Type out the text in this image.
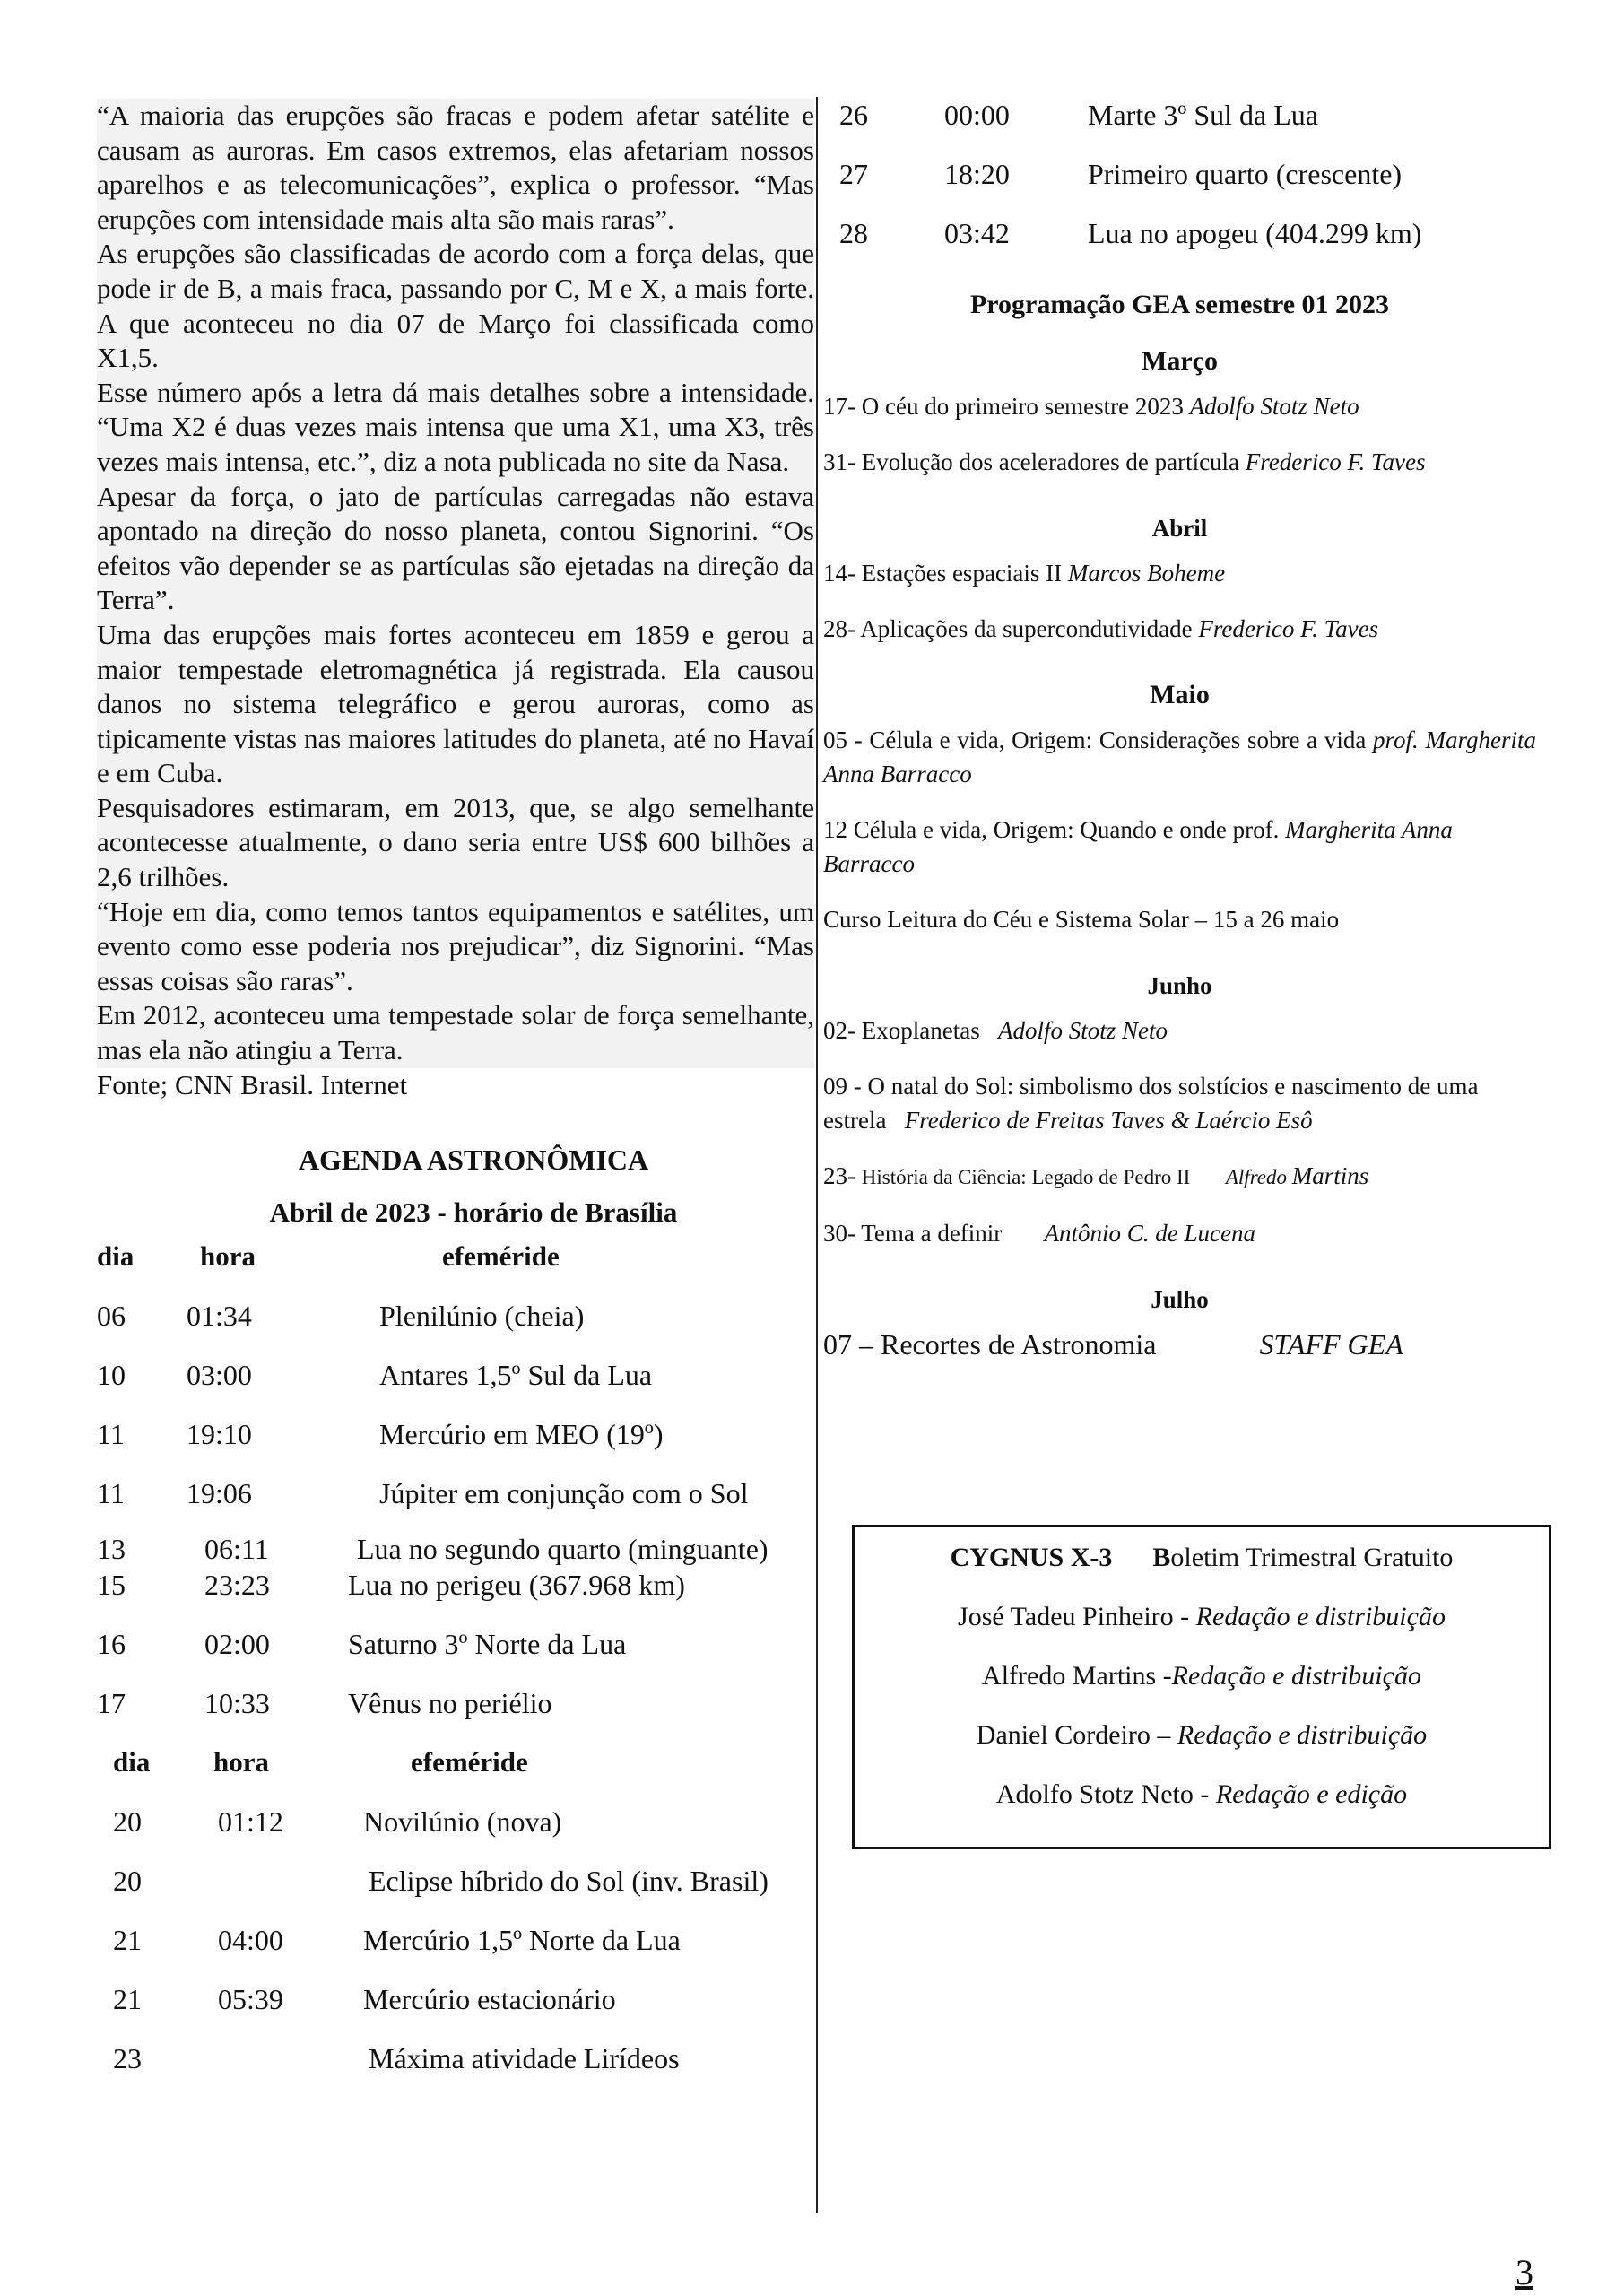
“A maioria das erupções são fracas e podem afetar satélite e causam as auroras. Em casos extremos, elas afetariam nossos aparelhos e as telecomunicações”, explica o professor. “Mas erupções com intensidade mais alta são mais raras”.

As erupções são classificadas de acordo com a força delas, que pode ir de B, a mais fraca, passando por C, M e X, a mais forte. A que aconteceu no dia 07 de Março foi classificada como X1,5.

Esse número após a letra dá mais detalhes sobre a intensidade. “Uma X2 é duas vezes mais intensa que uma X1, uma X3, três vezes mais intensa, etc.”, diz a nota publicada no site da Nasa.

Apesar da força, o jato de partículas carregadas não estava apontado na direção do nosso planeta, contou Signorini. “Os efeitos vão depender se as partículas são ejetadas na direção da Terra”.

Uma das erupções mais fortes aconteceu em 1859 e gerou a maior tempestade eletromagnética já registrada. Ela causou danos no sistema telegráfico e gerou auroras, como as tipicamente vistas nas maiores latitudes do planeta, até no Havaí e em Cuba.

Pesquisadores estimaram, em 2013, que, se algo semelhante acontecesse atualmente, o dano seria entre US$ 600 bilhões a 2,6 trilhões.

“Hoje em dia, como temos tantos equipamentos e satélites, um evento como esse poderia nos prejudicar”, diz Signorini. “Mas essas coisas são raras”.

Em 2012, aconteceu uma tempestade solar de força semelhante, mas ela não atingiu a Terra.

Fonte; CNN Brasil. Internet

AGENDA ASTRONÔMICA
Abril de 2023 - horário de Brasília
dia hora	efeméride
06 01:34	Plenilúnio (cheia)
10 03:00	Antares 1,5º Sul da Lua
11 19:10	Mercúrio em MEO (19º)
11 19:06	Júpiter em conjunção com o Sol
13	06:11	Lua no segundo quarto (minguante)
15	23:23	Lua no perigeu (367.968 km)
16	02:00	Saturno 3º Norte da Lua
17	10:33	Vênus no periélio
dia hora	efeméride
20	01:12	Novilúnio (nova)
20	Eclipse híbrido do Sol (inv. Brasil)
21	04:00	Mercúrio 1,5º Norte da Lua
21	05:39	Mercúrio estacionário
23	Máxima atividade Lirídeos
26	00:00	Marte 3º Sul da Lua
27	18:20	Primeiro quarto (crescente)
28	03:42	Lua no apogeu (404.299 km)
Programação GEA semestre 01 2023
Março

17- O céu do primeiro semestre 2023 Adolfo Stotz Neto

31- Evolução dos aceleradores de partícula Frederico F. Taves

Abril

14- Estações espaciais II Marcos Boheme

28- Aplicações da supercondutividade Frederico F. Taves

Maio

05 - Célula e vida, Origem: Considerações sobre a vida prof. Margherita Anna Barracco

12 Célula e vida, Origem: Quando e onde prof. Margherita Anna Barracco

Curso Leitura do Céu e Sistema Solar – 15 a 26 maio

Junho

02- Exoplanetas   Adolfo Stotz Neto

09 - O natal do Sol: simbolismo dos solstícios e nascimento de uma estrela   Frederico de Freitas Taves & Laércio Esô

23- História da Ciência: Legado de Pedro II      Alfredo Martins

30- Tema a definir       Antônio C. de Lucena

Julho

07 – Recortes de Astronomia	STAFF GEA

CYGNUS X-3 Boletim Trimestral Gratuito
José Tadeu Pinheiro - Redação e distribuição
Alfredo Martins -Redação e distribuição
Daniel Cordeiro – Redação e distribuição
Adolfo Stotz Neto - Redação e edição
3
